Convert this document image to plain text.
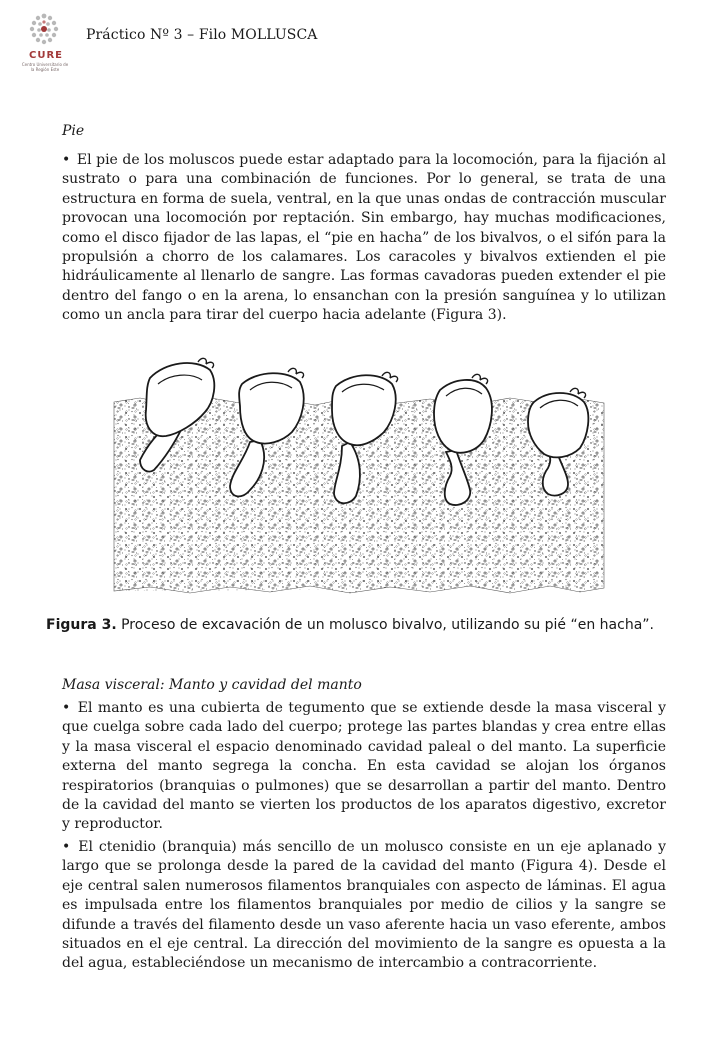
CURE
Centro Universitario de la Región Este
Práctico Nº 3 – Filo MOLLUSCA
Pie

• El pie de los moluscos puede estar adaptado para la locomoción, para la fijación al sustrato o para una combinación de funciones. Por lo general, se trata de una estructura en forma de suela, ventral, en la que unas ondas de contracción muscular provocan una locomoción por reptación. Sin embargo, hay muchas modificaciones, como el disco fijador de las lapas, el “pie en hacha” de los bivalvos, o el sifón para la propulsión a chorro de los calamares. Los caracoles y bivalvos extienden el pie hidráulicamente al llenarlo de sangre. Las formas cavadoras pueden extender el pie dentro del fango o en la arena, lo ensanchan con la presión sanguínea y lo utilizan como un ancla para tirar del cuerpo hacia adelante (Figura 3).

Figura 3. Proceso de excavación de un molusco bivalvo, utilizando su pié “en hacha”.
Masa visceral: Manto y cavidad del manto

• El manto es una cubierta de tegumento que se extiende desde la masa visceral y que cuelga sobre cada lado del cuerpo; protege las partes blandas y crea entre ellas y la masa visceral el espacio denominado cavidad paleal o del manto. La superficie externa del manto segrega la concha. En esta cavidad se alojan los órganos respiratorios (branquias o pulmones) que se desarrollan a partir del manto. Dentro de la cavidad del manto se vierten los productos de los aparatos digestivo, excretor y reproductor.

• El ctenidio (branquia) más sencillo de un molusco consiste en un eje aplanado y largo que se prolonga desde la pared de la cavidad del manto (Figura 4). Desde el eje central salen numerosos filamentos branquiales con aspecto de láminas. El agua es impulsada entre los filamentos branquiales por medio de cilios y la sangre se difunde a través del filamento desde un vaso aferente hacia un vaso eferente, ambos situados en el eje central. La dirección del movimiento de la sangre es opuesta a la del agua, estableciéndose un mecanismo de intercambio a contracorriente.
